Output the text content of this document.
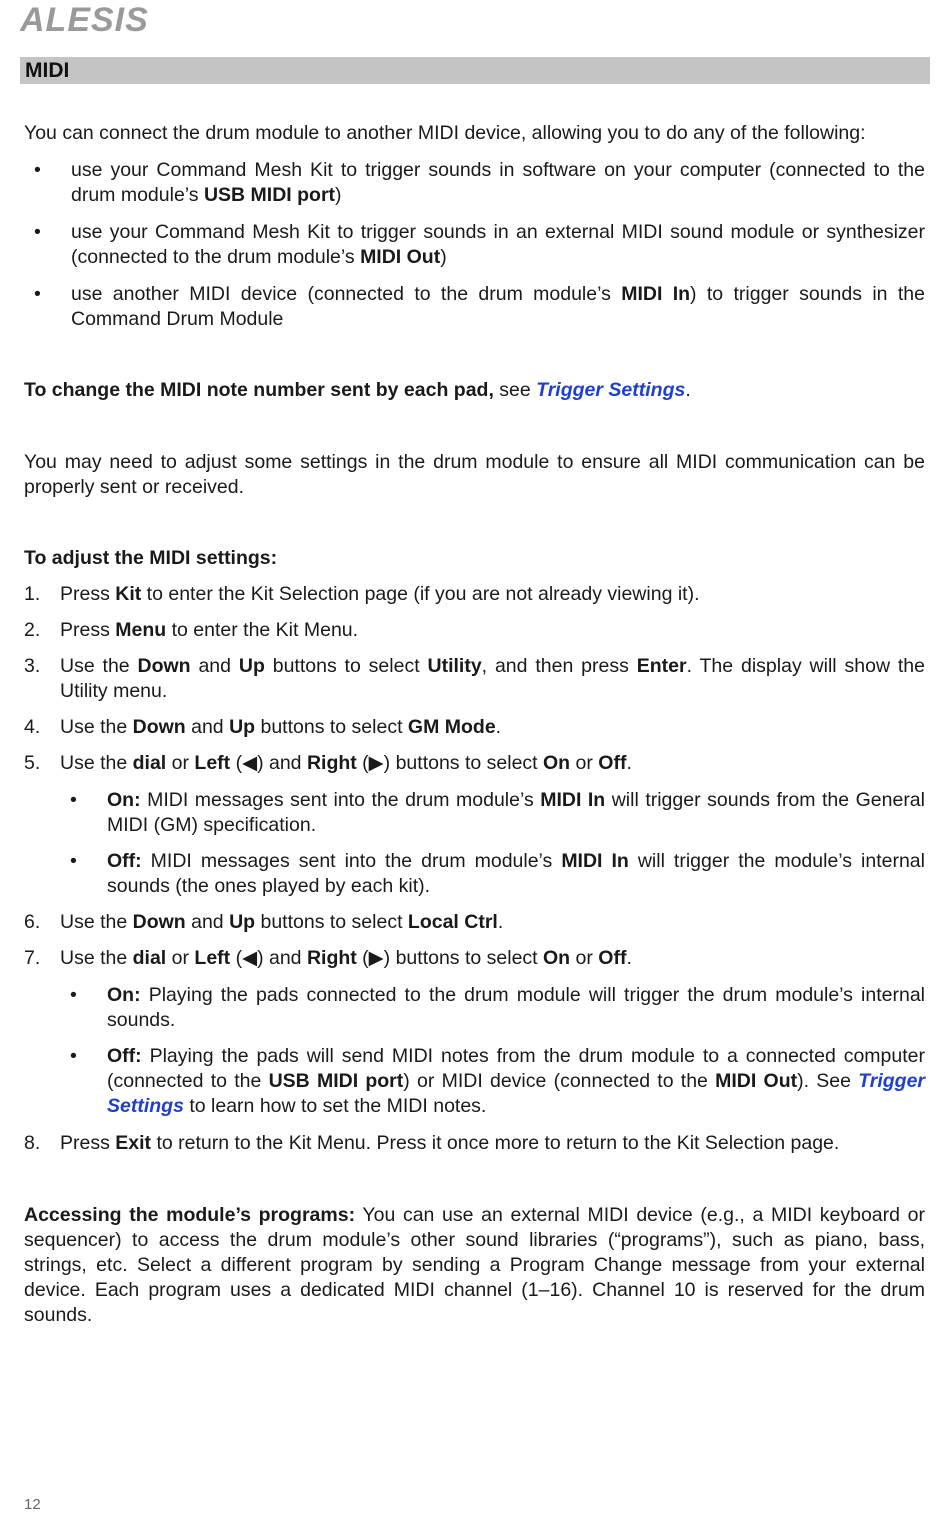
ALESIS
MIDI
You can connect the drum module to another MIDI device, allowing you to do any of the following:
• use your Command Mesh Kit to trigger sounds in software on your computer (connected to the drum module’s USB MIDI port)
• use your Command Mesh Kit to trigger sounds in an external MIDI sound module or synthesizer (connected to the drum module’s MIDI Out)
• use another MIDI device (connected to the drum module’s MIDI In) to trigger sounds in the Command Drum Module
To change the MIDI note number sent by each pad, see Trigger Settings.
You may need to adjust some settings in the drum module to ensure all MIDI communication can be properly sent or received.
To adjust the MIDI settings:
1. Press Kit to enter the Kit Selection page (if you are not already viewing it).
2. Press Menu to enter the Kit Menu.
3. Use the Down and Up buttons to select Utility, and then press Enter. The display will show the Utility menu.
4. Use the Down and Up buttons to select GM Mode.
5. Use the dial or Left (◀) and Right (▶) buttons to select On or Off.
• On: MIDI messages sent into the drum module’s MIDI In will trigger sounds from the General MIDI (GM) specification.
• Off: MIDI messages sent into the drum module’s MIDI In will trigger the module’s internal sounds (the ones played by each kit).
6. Use the Down and Up buttons to select Local Ctrl.
7. Use the dial or Left (◀) and Right (▶) buttons to select On or Off.
• On: Playing the pads connected to the drum module will trigger the drum module’s internal sounds.
• Off: Playing the pads will send MIDI notes from the drum module to a connected computer (connected to the USB MIDI port) or MIDI device (connected to the MIDI Out). See Trigger Settings to learn how to set the MIDI notes.
8. Press Exit to return to the Kit Menu. Press it once more to return to the Kit Selection page.
Accessing the module’s programs: You can use an external MIDI device (e.g., a MIDI keyboard or sequencer) to access the drum module’s other sound libraries (“programs”), such as piano, bass, strings, etc. Select a different program by sending a Program Change message from your external device. Each program uses a dedicated MIDI channel (1–16). Channel 10 is reserved for the drum sounds.
12
